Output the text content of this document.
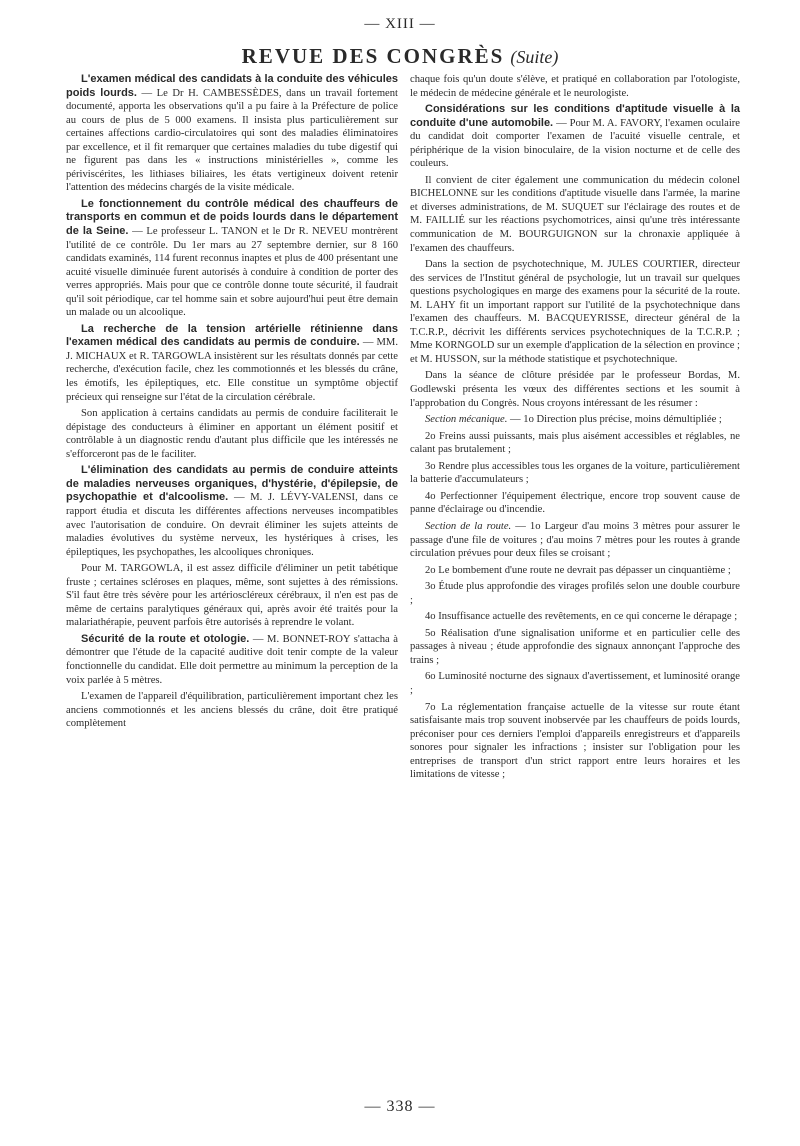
— XIII —
REVUE DES CONGRÈS (Suite)

L'examen médical des candidats à la conduite des véhicules poids lourds. — Le Dr H. CAMBESSÈDES, dans un travail fortement documenté, apporta les observations qu'il a pu faire à la Préfecture de police au cours de plus de 5 000 examens. Il insista plus particulièrement sur certaines affections cardio-circulatoires qui sont des maladies éliminatoires par excellence, et il fit remarquer que certaines maladies du tube digestif qui ne figurent pas dans les « instructions ministérielles », comme les périviscérites, les lithiases biliaires, les états vertigineux doivent retenir l'attention des médecins chargés de la visite médicale.

Le fonctionnement du contrôle médical des chauffeurs de transports en commun et de poids lourds dans le département de la Seine. — Le professeur L. TANON et le Dr R. NEVEU montrèrent l'utilité de ce contrôle. Du 1er mars au 27 septembre dernier, sur 8 160 candidats examinés, 114 furent reconnus inaptes et plus de 400 présentant une acuité visuelle diminuée furent autorisés à conduire à condition de porter des verres appropriés. Mais pour que ce contrôle donne toute sécurité, il faudrait qu'il soit périodique, car tel homme sain et sobre aujourd'hui peut être demain un malade ou un alcoolique.

La recherche de la tension artérielle rétinienne dans l'examen médical des candidats au permis de conduire. — MM. J. MICHAUX et R. TARGOWLA insistèrent sur les résultats donnés par cette recherche, d'exécution facile, chez les commotionnés et les blessés du crâne, les émotifs, les épileptiques, etc. Elle constitue un symptôme objectif précieux qui renseigne sur l'état de la circulation cérébrale.

Son application à certains candidats au permis de conduire faciliterait le dépistage des conducteurs à éliminer en apportant un élément positif et contrôlable à un diagnostic rendu d'autant plus difficile que les intéressés ne s'efforceront pas de le faciliter.

L'élimination des candidats au permis de conduire atteints de maladies nerveuses organiques, d'hystérie, d'épilepsie, de psychopathie et d'alcoolisme. — M. J. LÉVY-VALENSI, dans ce rapport étudia et discuta les différentes affections nerveuses incompatibles avec l'autorisation de conduire. On devrait éliminer les sujets atteints de maladies évolutives du système nerveux, les hystériques à crises, les épileptiques, les psychopathes, les alcooliques chroniques.

Pour M. TARGOWLA, il est assez difficile d'éliminer un petit tabétique fruste ; certaines scléroses en plaques, même, sont sujettes à des rémissions. S'il faut être très sévère pour les artérioscléreux cérébraux, il n'en est pas de même de certains paralytiques généraux qui, après avoir été traités pour la malariathérapie, peuvent parfois être autorisés à reprendre le volant.

Sécurité de la route et otologie. — M. BONNET-ROY s'attacha à démontrer que l'étude de la capacité auditive doit tenir compte de la valeur fonctionnelle du candidat. Elle doit permettre au minimum la perception de la voix parlée à 5 mètres.

L'examen de l'appareil d'équilibration, particulièrement important chez les anciens commotionnés et les anciens blessés du crâne, doit être pratiqué complètement

chaque fois qu'un doute s'élève, et pratiqué en collaboration par l'otologiste, le médecin de médecine générale et le neurologiste.

Considérations sur les conditions d'aptitude visuelle à la conduite d'une automobile. — Pour M. A. FAVORY, l'examen oculaire du candidat doit comporter l'examen de l'acuité visuelle centrale, et périphérique de la vision binoculaire, de la vision nocturne et de celle des couleurs.

Il convient de citer également une communication du médecin colonel BICHELONNE sur les conditions d'aptitude visuelle dans l'armée, la marine et diverses administrations, de M. SUQUET sur l'éclairage des routes et de M. FAILLIÉ sur les réactions psychomotrices, ainsi qu'une très intéressante communication de M. BOURGUIGNON sur la chronaxie appliquée à l'examen des chauffeurs.

Dans la section de psychotechnique, M. JULES COURTIER, directeur des services de l'Institut général de psychologie, lut un travail sur quelques questions psychologiques en marge des examens pour la sécurité de la route. M. LAHY fit un important rapport sur l'utilité de la psychotechnique dans l'examen des chauffeurs. M. BACQUEYRISSE, directeur général de la T.C.R.P., décrivit les différents services psychotechniques de la T.C.R.P. ; Mme KORNGOLD sur un exemple d'application de la sélection en province ; et M. HUSSON, sur la méthode statistique et psychotechnique.

Dans la séance de clôture présidée par le professeur Bordas, M. Godlewski présenta les vœux des différentes sections et les soumit à l'approbation du Congrès. Nous croyons intéressant de les résumer :

Section mécanique. — 1o Direction plus précise, moins démultipliée ;

2o Freins aussi puissants, mais plus aisément accessibles et réglables, ne calant pas brutalement ;

3o Rendre plus accessibles tous les organes de la voiture, particulièrement la batterie d'accumulateurs ;

4o Perfectionner l'équipement électrique, encore trop souvent cause de panne d'éclairage ou d'incendie.

Section de la route. — 1o Largeur d'au moins 3 mètres pour assurer le passage d'une file de voitures ; d'au moins 7 mètres pour les routes à grande circulation prévues pour deux files se croisant ;

2o Le bombement d'une route ne devrait pas dépasser un cinquantième ;

3o Étude plus approfondie des virages profilés selon une double courbure ;

4o Insuffisance actuelle des revêtements, en ce qui concerne le dérapage ;

5o Réalisation d'une signalisation uniforme et en particulier celle des passages à niveau ; étude approfondie des signaux annonçant l'approche des trains ;

6o Luminosité nocturne des signaux d'avertissement, et luminosité orange ;

7o La réglementation française actuelle de la vitesse sur route étant satisfaisante mais trop souvent inobservée par les chauffeurs de poids lourds, préconiser pour ces derniers l'emploi d'appareils enregistreurs et d'appareils sonores pour signaler les infractions ; insister sur l'obligation pour les entreprises de transport d'un strict rapport entre leurs horaires et les limitations de vitesse ;

— 338 —
